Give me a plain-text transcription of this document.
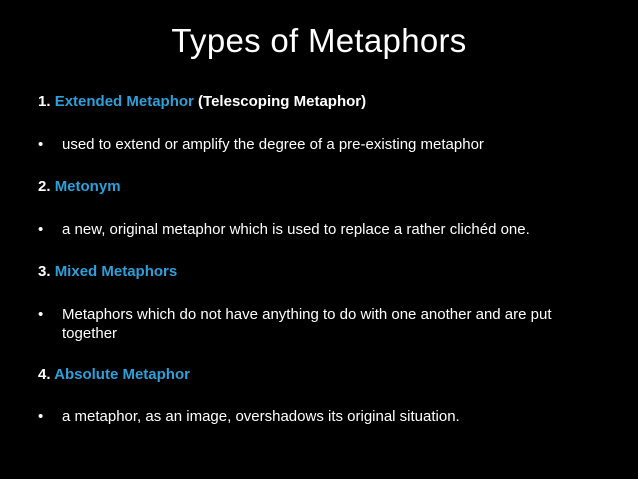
Types of Metaphors
1. Extended Metaphor (Telescoping Metaphor)
•	used to extend or amplify the degree of a pre-existing metaphor
2. Metonym
•	a new, original metaphor which is used to replace a rather clichéd one.
3. Mixed Metaphors
•	Metaphors which do not have anything to do with one another and are put together
4. Absolute Metaphor
•	a metaphor, as an image, overshadows its original situation.
